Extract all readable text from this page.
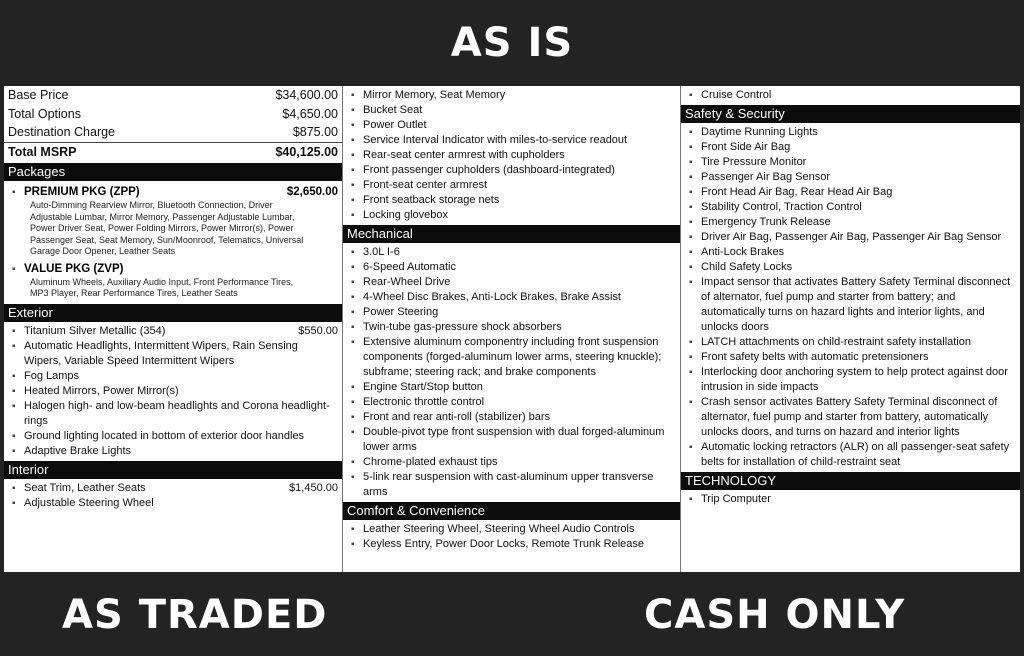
AS IS
Base Price	$34,600.00
Total Options	$4,650.00
Destination Charge	$875.00
Total MSRP	$40,125.00
Packages
▪ PREMIUM PKG (ZPP)	$2,650.00
Auto-Dimming Rearview Mirror, Bluetooth Connection, Driver Adjustable Lumbar, Mirror Memory, Passenger Adjustable Lumbar, Power Driver Seat, Power Folding Mirrors, Power Mirror(s), Power Passenger Seat, Seat Memory, Sun/Moonroof, Telematics, Universal Garage Door Opener, Leather Seats
▪ VALUE PKG (ZVP)
Aluminum Wheels, Auxiliary Audio Input, Front Performance Tires, MP3 Player, Rear Performance Tires, Leather Seats
Exterior
▪ Titanium Silver Metallic (354)	$550.00
▪ Automatic Headlights, Intermittent Wipers, Rain Sensing Wipers, Variable Speed Intermittent Wipers
▪ Fog Lamps
▪ Heated Mirrors, Power Mirror(s)
▪ Halogen high- and low-beam headlights and Corona headlight-rings
▪ Ground lighting located in bottom of exterior door handles
▪ Adaptive Brake Lights
Interior
▪ Seat Trim, Leather Seats	$1,450.00
▪ Adjustable Steering Wheel
▪ Mirror Memory, Seat Memory
▪ Bucket Seat
▪ Power Outlet
▪ Service Interval Indicator with miles-to-service readout
▪ Rear-seat center armrest with cupholders
▪ Front passenger cupholders (dashboard-integrated)
▪ Front-seat center armrest
▪ Front seatback storage nets
▪ Locking glovebox
Mechanical
▪ 3.0L I-6
▪ 6-Speed Automatic
▪ Rear-Wheel Drive
▪ 4-Wheel Disc Brakes, Anti-Lock Brakes, Brake Assist
▪ Power Steering
▪ Twin-tube gas-pressure shock absorbers
▪ Extensive aluminum componentry including front suspension components (forged-aluminum lower arms, steering knuckle); subframe; steering rack; and brake components
▪ Engine Start/Stop button
▪ Electronic throttle control
▪ Front and rear anti-roll (stabilizer) bars
▪ Double-pivot type front suspension with dual forged-aluminum lower arms
▪ Chrome-plated exhaust tips
▪ 5-link rear suspension with cast-aluminum upper transverse arms
Comfort & Convenience
▪ Leather Steering Wheel, Steering Wheel Audio Controls
▪ Keyless Entry, Power Door Locks, Remote Trunk Release
▪ Cruise Control
Safety & Security
▪ Daytime Running Lights
▪ Front Side Air Bag
▪ Tire Pressure Monitor
▪ Passenger Air Bag Sensor
▪ Front Head Air Bag, Rear Head Air Bag
▪ Stability Control, Traction Control
▪ Emergency Trunk Release
▪ Driver Air Bag, Passenger Air Bag, Passenger Air Bag Sensor
▪ Anti-Lock Brakes
▪ Child Safety Locks
▪ Impact sensor that activates Battery Safety Terminal disconnect of alternator, fuel pump and starter from battery; and automatically turns on hazard lights and interior lights, and unlocks doors
▪ LATCH attachments on child-restraint safety installation
▪ Front safety belts with automatic pretensioners
▪ Interlocking door anchoring system to help protect against door intrusion in side impacts
▪ Crash sensor activates Battery Safety Terminal disconnect of alternator, fuel pump and starter from battery, automatically unlocks doors, and turns on hazard and interior lights
▪ Automatic locking retractors (ALR) on all passenger-seat safety belts for installation of child-restraint seat
TECHNOLOGY
▪ Trip Computer
AS TRADED	CASH ONLY
